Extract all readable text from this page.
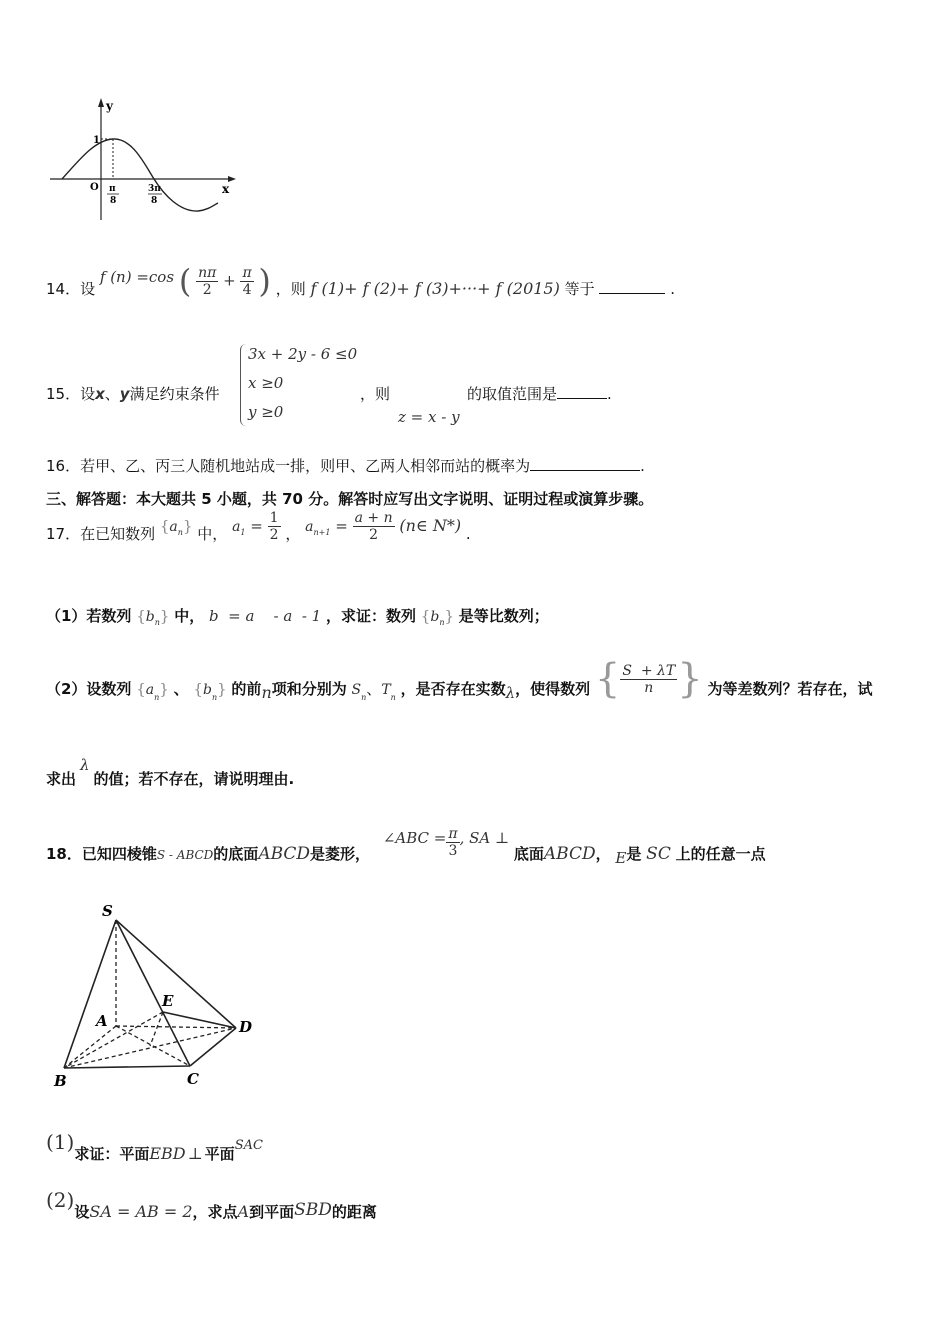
y
x
O
1
π
8
3π
8
14．设 f (n) =cos ( $\frac{n\pi}{2} + \frac{\pi}{4}$ ) ，则 f (1)+ f (2)+ f (3)+···+ f (2015) 等于	.
15．设x、y满足约束条件
3x + 2y - 6 ≤0
x ≥0
y ≥0
，则
z = x - y
的取值范围是	.
16．若甲、乙、丙三人随机地站成一排，则甲、乙两人相邻而站的概率为	.
三、解答题：本大题共 5 小题，共 70 分。解答时应写出文字说明、证明过程或演算步骤。
17．在已知数列 $\{a_n\}$ 中， $a_1 = \frac{1}{2}$ ， $a_{n+1} = \frac{a + n}{2}$ (n∈ N*) .
（1）若数列 $\{b_n\}$ 中， b  = a    - a  - 1 ，求证：数列 $\{b_n\}$ 是等比数列；
（2）设数列 $\{a_n\}$ 、 $\{b_n\}$ 的前n项和分别为 $S_n$、$T_n$ ，是否存在实数λ，使得数列 { $\frac{S + \lambda T}{n}$ } 为等差数列？若存在，试
求出λ的值；若不存在，请说明理由.
18．已知四棱锥$_{S - ABCD}$的底面ABCD是菱形， ∠ABC = $\frac{\pi}{3}$ , SA ⊥ 底面ABCD， E是 SC 上的任意一点
S
A
B	C
D
E
(1)求证：平面EBD ⊥ 平面SAC
(2)设SA = AB = 2，求点A到平面SBD的距离
